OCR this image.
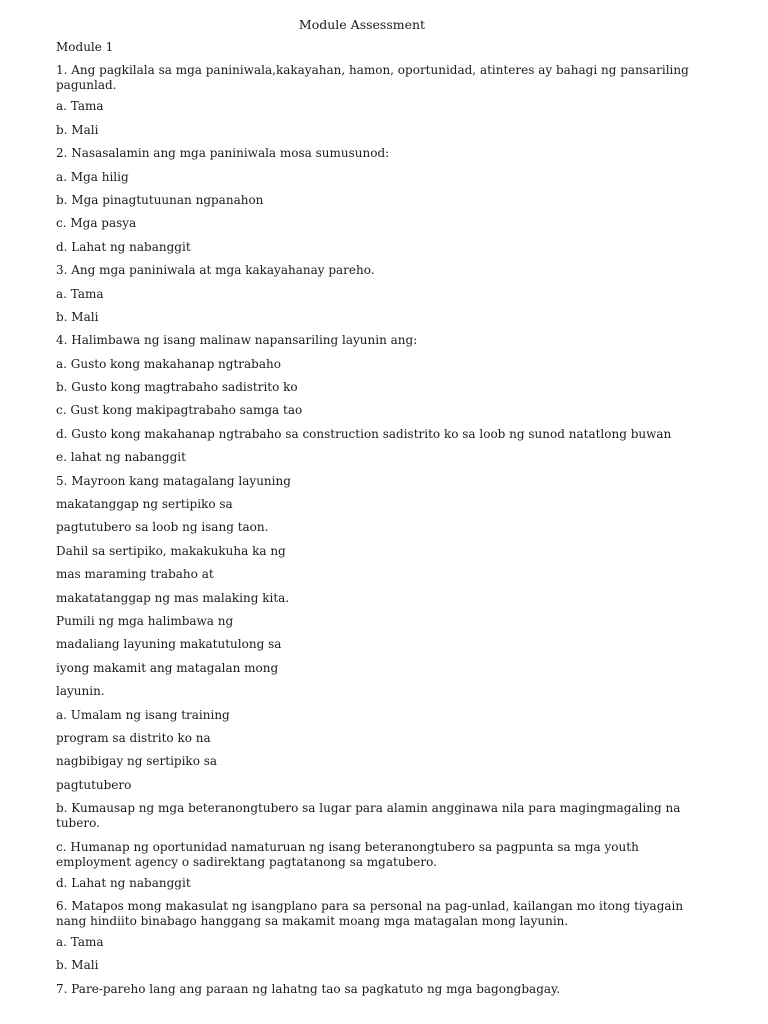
Module Assessment
Module 1
1. Ang pagkilala sa mga paniniwala,kakayahan, hamon, oportunidad, atinteres ay bahagi ng pansariling pagunlad.
a. Tama
b. Mali
2. Nasasalamin ang mga paniniwala mosa sumusunod:
a. Mga hilig
b. Mga pinagtutuunan ngpanahon
c. Mga pasya
d. Lahat ng nabanggit
3. Ang mga paniniwala at mga kakayahanay pareho.
a. Tama
b. Mali
4. Halimbawa ng isang malinaw napansariling layunin ang:
a. Gusto kong makahanap ngtrabaho
b. Gusto kong magtrabaho sadistrito ko
c. Gust kong makipagtrabaho samga tao
d. Gusto kong makahanap ngtrabaho sa construction sadistrito ko sa loob ng sunod natatlong buwan
e. lahat ng nabanggit
5. Mayroon kang matagalang layuning
makatanggap ng sertipiko sa
pagtutubero sa loob ng isang taon.
Dahil sa sertipiko, makakukuha ka ng
mas maraming trabaho at
makatatanggap ng mas malaking kita.
Pumili ng mga halimbawa ng
madaliang layuning makatutulong sa
iyong makamit ang matagalan mong
layunin.
a. Umalam ng isang training
program sa distrito ko na
nagbibigay ng sertipiko sa
pagtutubero
b. Kumausap ng mga beteranongtubero sa lugar para alamin angginawa nila para magingmagaling na tubero.
c. Humanap ng oportunidad namaturuan ng isang beteranongtubero sa pagpunta sa mga youth employment agency o sadirektang pagtatanong sa mgatubero.
d. Lahat ng nabanggit
6. Matapos mong makasulat ng isangplano para sa personal na pag-unlad, kailangan mo itong tiyagain nang hindiito binabago hanggang sa makamit moang mga matagalan mong layunin.
a. Tama
b. Mali
7. Pare-pareho lang ang paraan ng lahatng tao sa pagkatuto ng mga bagongbagay.
